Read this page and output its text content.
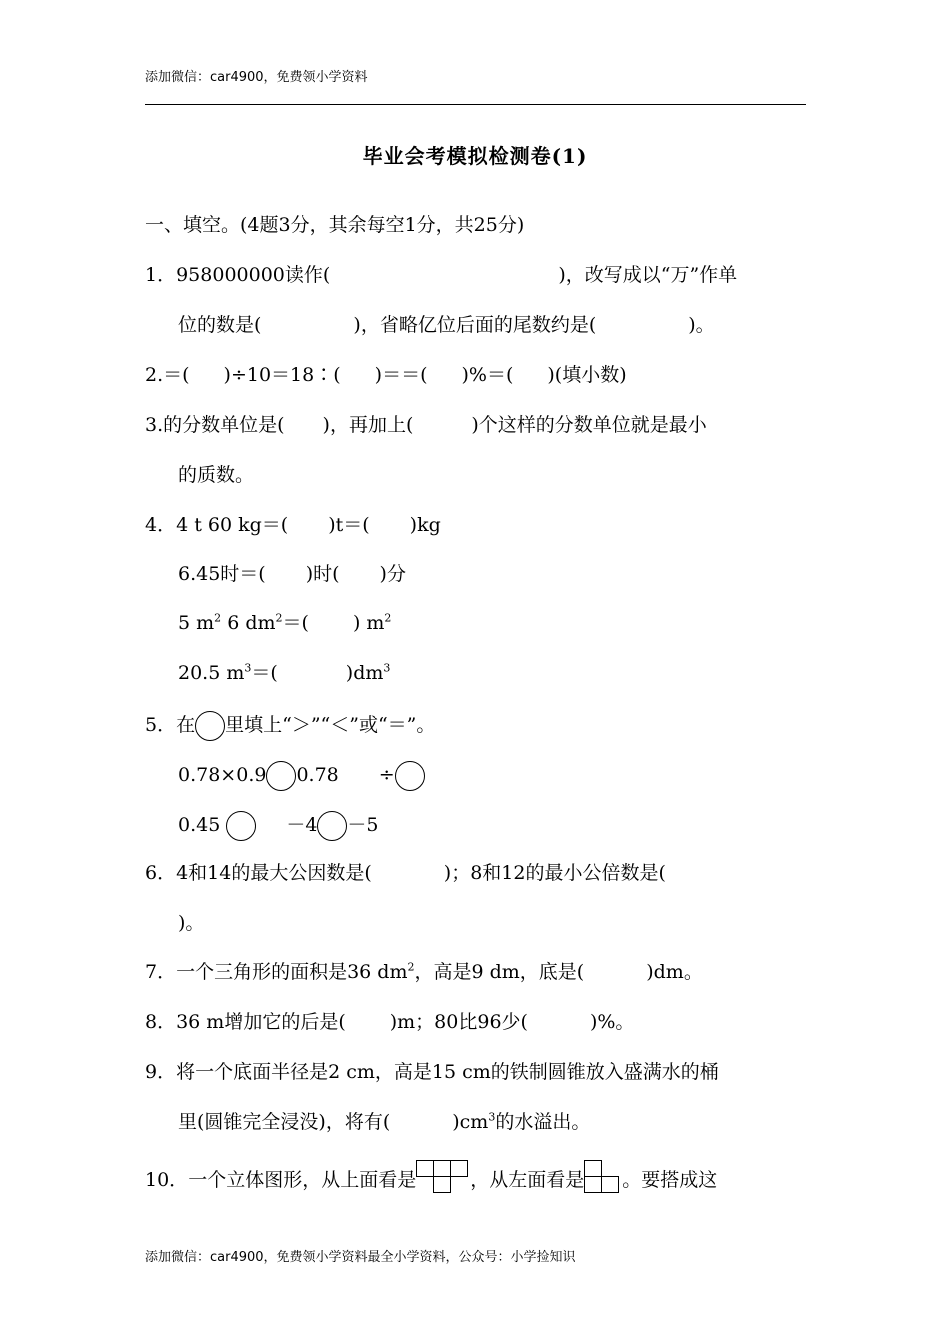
添加微信：car4900，免费领小学资料
毕业会考模拟检测卷(1)
一、填空。(4题3分，其余每空1分，共25分)
1．958000000读作(	)，改写成以“万”作单
位的数是(	)，省略亿位后面的尾数约是(	)。
2.＝( )÷10＝18∶( )＝＝( )%＝( )(填小数)
3.的分数单位是( )，再加上(	)个这样的分数单位就是最小
的质数。
4．4 t 60 kg＝( )t＝( )kg
6.45时＝( )时( )分
5 $m^2$ 6 $dm^2=$( ) $m^2$
20.5 $m^3=$(	)$dm^3$
5．在 里填上“＞”“＜”或“＝”。
0.78×0.9 0.78 ÷
0.45	－4 －5
6．4和14的最大公因数是(	)；8和12的最小公倍数是(
)。
7．一个三角形的面积是36 $dm^2$，高是9 dm，底是(	)dm。
8．36 m增加它的后是( )m；80比96少(	)%。
9．将一个底面半径是2 cm，高是15 cm的铁制圆锥放入盛满水的桶
里(圆锥完全浸没)，将有(	)$cm^3$的水溢出。
10．一个立体图形，从上面看是	，从左面看是 。要搭成这
添加微信：car4900，免费领小学资料最全小学资料，公众号：小学捡知识
